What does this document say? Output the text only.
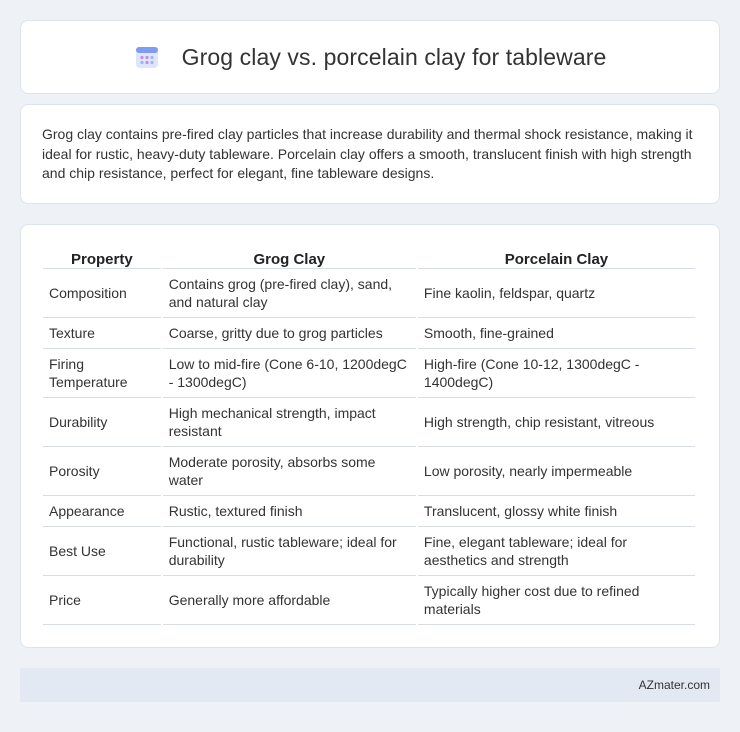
Grog clay vs. porcelain clay for tableware

Grog clay contains pre-fired clay particles that increase durability and thermal shock resistance, making it ideal for rustic, heavy-duty tableware. Porcelain clay offers a smooth, translucent finish with high strength and chip resistance, perfect for elegant, fine tableware designs.

Property	Grog Clay	Porcelain Clay
Composition	Contains grog (pre-fired clay), sand, and natural clay	Fine kaolin, feldspar, quartz
Texture	Coarse, gritty due to grog particles	Smooth, fine-grained
Firing Temperature	Low to mid-fire (Cone 6-10, 1200degC - 1300degC)	High-fire (Cone 10-12, 1300degC - 1400degC)
Durability	High mechanical strength, impact resistant	High strength, chip resistant, vitreous
Porosity	Moderate porosity, absorbs some water	Low porosity, nearly impermeable
Appearance	Rustic, textured finish	Translucent, glossy white finish
Best Use	Functional, rustic tableware; ideal for durability	Fine, elegant tableware; ideal for aesthetics and strength
Price	Generally more affordable	Typically higher cost due to refined materials
AZmater.com
